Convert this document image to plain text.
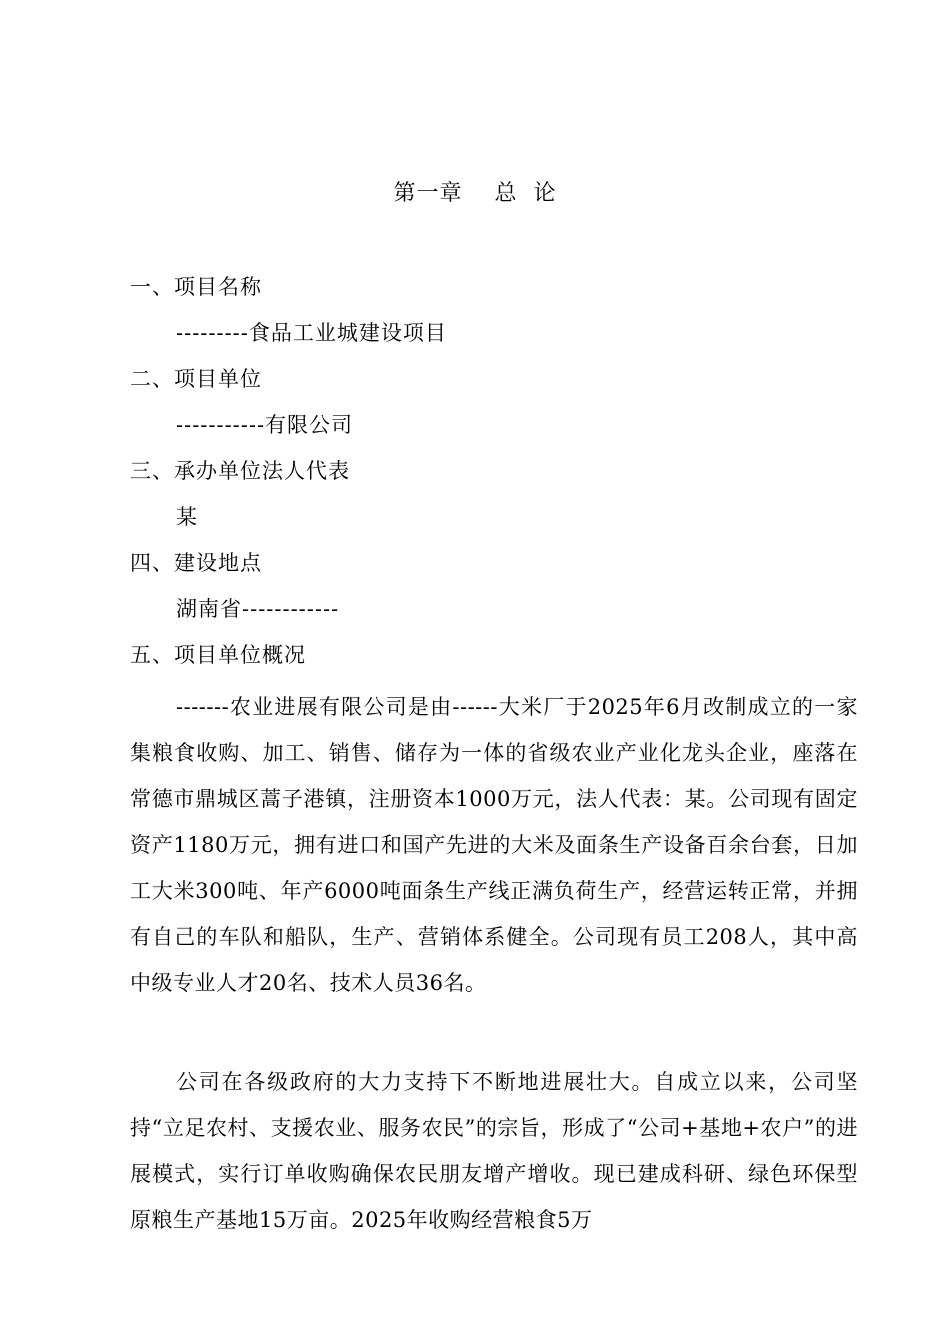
第一章    总  论
一、项目名称
---------食品工业城建设项目
二、项目单位
-----------有限公司
三、承办单位法人代表
某
四、建设地点
湖南省------------
五、项目单位概况

-------农业进展有限公司是由------大米厂于2025年6月改制成立的一家集粮食收购、加工、销售、储存为一体的省级农业产业化龙头企业，座落在常德市鼎城区蒿子港镇，注册资本1000万元，法人代表：某。公司现有固定资产1180万元，拥有进口和国产先进的大米及面条生产设备百余台套，日加工大米300吨、年产6000吨面条生产线正满负荷生产，经营运转正常，并拥有自己的车队和船队，生产、营销体系健全。公司现有员工208人，其中高中级专业人才20名、技术人员36名。

公司在各级政府的大力支持下不断地进展壮大。自成立以来，公司坚持“立足农村、支援农业、服务农民”的宗旨，形成了“公司+基地+农户”的进展模式，实行订单收购确保农民朋友增产增收。现已建成科研、绿色环保型原粮生产基地15万亩。2025年收购经营粮食5万
